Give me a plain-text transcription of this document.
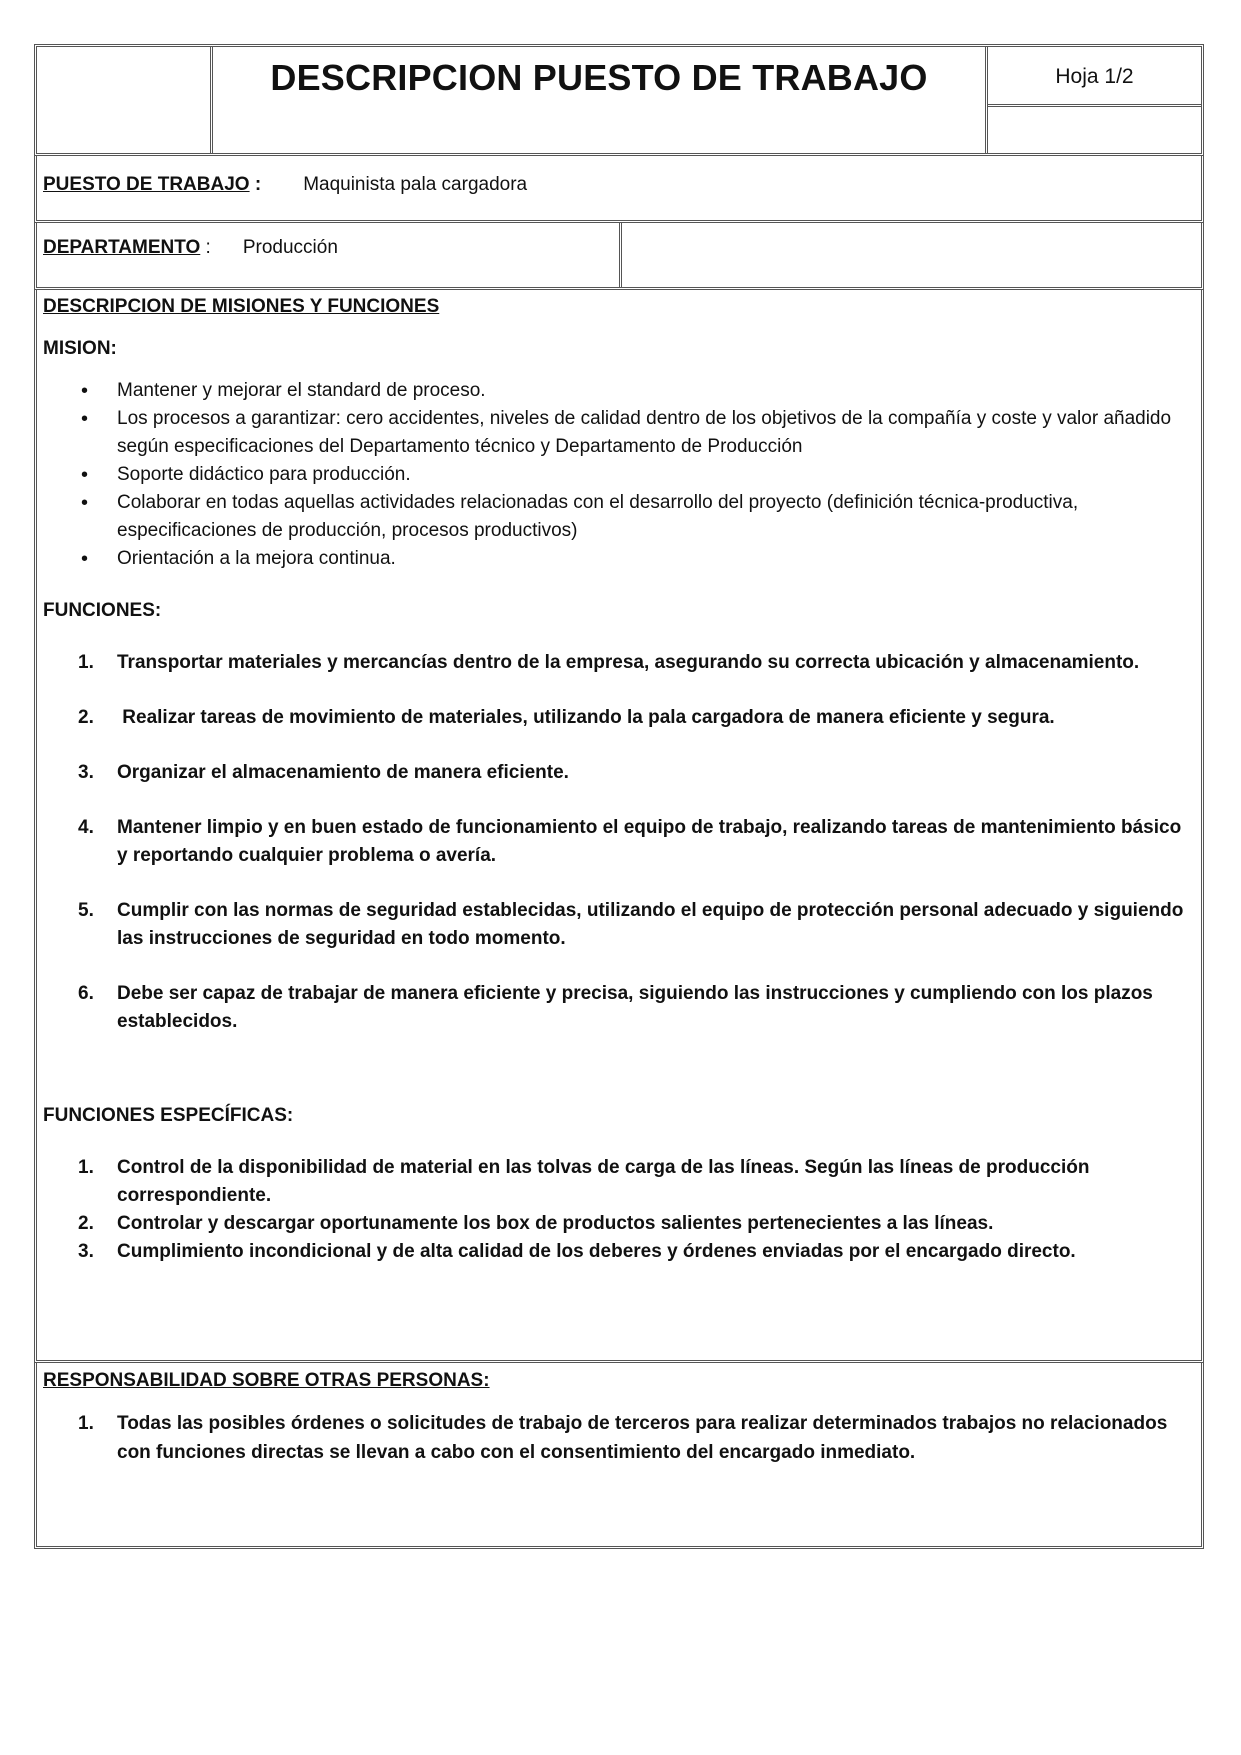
DESCRIPCION PUESTO DE TRABAJO	Hoja 1/2
PUESTO DE TRABAJO : Maquinista pala cargadora
DEPARTAMENTO : Producción
DESCRIPCION DE MISIONES Y FUNCIONES
MISION:
• Mantener y mejorar el standard de proceso.
• Los procesos a garantizar: cero accidentes, niveles de calidad dentro de los objetivos de la compañía y coste y valor añadido según especificaciones del Departamento técnico y Departamento de Producción
• Soporte didáctico para producción.
• Colaborar en todas aquellas actividades relacionadas con el desarrollo del proyecto (definición técnica-productiva, especificaciones de producción, procesos productivos)
• Orientación a la mejora continua.
FUNCIONES:
1. Transportar materiales y mercancías dentro de la empresa, asegurando su correcta ubicación y almacenamiento.
2. Realizar tareas de movimiento de materiales, utilizando la pala cargadora de manera eficiente y segura.
3. Organizar el almacenamiento de manera eficiente.
4. Mantener limpio y en buen estado de funcionamiento el equipo de trabajo, realizando tareas de mantenimiento básico y reportando cualquier problema o avería.
5. Cumplir con las normas de seguridad establecidas, utilizando el equipo de protección personal adecuado y siguiendo las instrucciones de seguridad en todo momento.
6. Debe ser capaz de trabajar de manera eficiente y precisa, siguiendo las instrucciones y cumpliendo con los plazos establecidos.
FUNCIONES ESPECÍFICAS:
1. Control de la disponibilidad de material en las tolvas de carga de las líneas. Según las líneas de producción correspondiente.
2. Controlar y descargar oportunamente los box de productos salientes pertenecientes a las líneas.
3. Cumplimiento incondicional y de alta calidad de los deberes y órdenes enviadas por el encargado directo.
RESPONSABILIDAD SOBRE OTRAS PERSONAS:
1. Todas las posibles órdenes o solicitudes de trabajo de terceros para realizar determinados trabajos no relacionados con funciones directas se llevan a cabo con el consentimiento del encargado inmediato.
